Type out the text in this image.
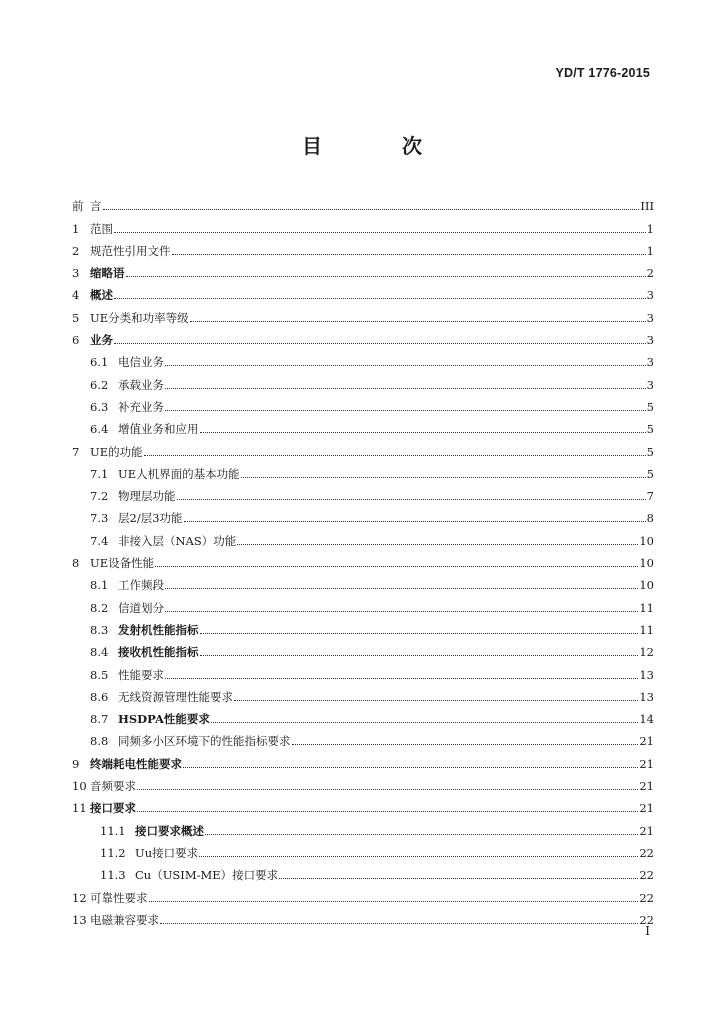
YD/T 1776-2015
目　次
前 言	III
1 范围	1
2 规范性引用文件	1
3 缩略语	2
4 概述	3
5 UE分类和功率等级	3
6 业务	3
6.1 电信业务	3
6.2 承载业务	3
6.3 补充业务	5
6.4 增值业务和应用	5
7 UE的功能	5
7.1 UE人机界面的基本功能	5
7.2 物理层功能	7
7.3 层2/层3功能	8
7.4 非接入层（NAS）功能	10
8 UE设备性能	10
8.1 工作频段	10
8.2 信道划分	11
8.3 发射机性能指标	11
8.4 接收机性能指标	12
8.5 性能要求	13
8.6 无线资源管理性能要求	13
8.7 HSDPA性能要求	14
8.8 同频多小区环境下的性能指标要求	21
9 终端耗电性能要求	21
10 音频要求	21
11 接口要求	21
11.1 接口要求概述	21
11.2 Uu接口要求	22
11.3 Cu（USIM-ME）接口要求	22
12 可靠性要求	22
13 电磁兼容要求	22
I
